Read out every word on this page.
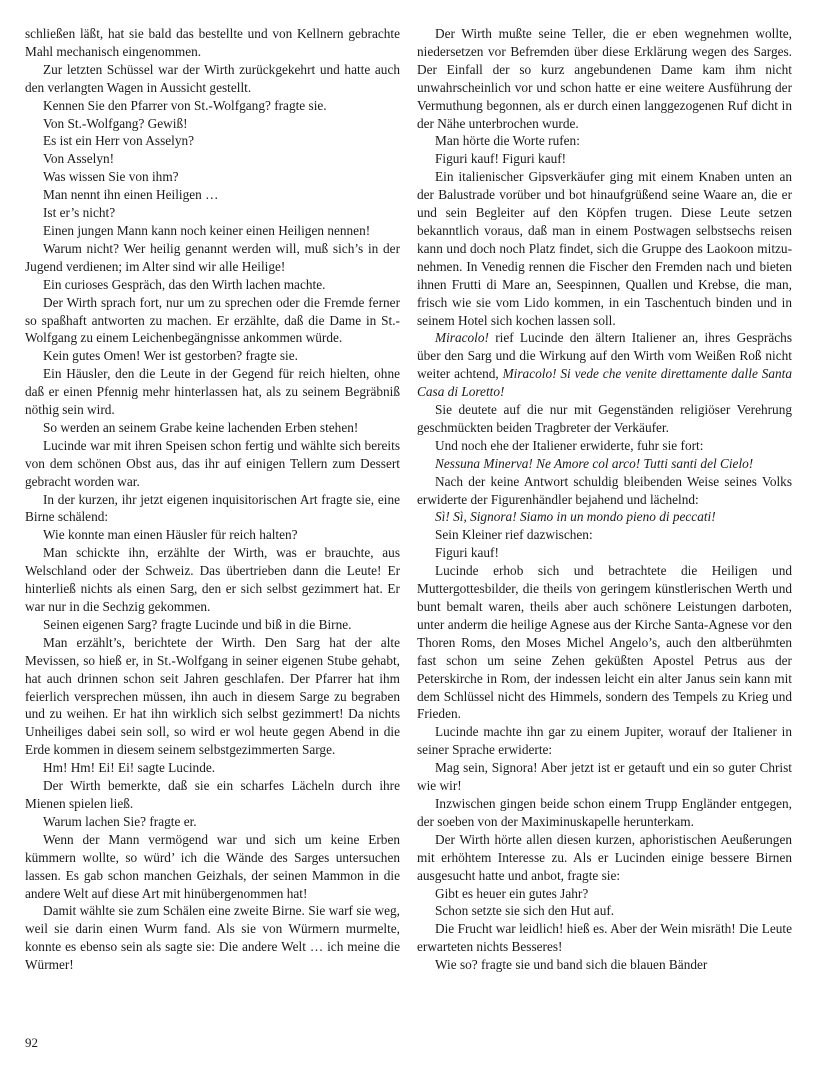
schließen läßt, hat sie bald das bestellte und von Kellnern gebrachte Mahl mechanisch eingenommen.

Zur letzten Schüssel war der Wirth zurückgekehrt und hatte auch den verlangten Wagen in Aussicht gestellt.

Kennen Sie den Pfarrer von St.-Wolfgang? fragte sie.

Von St.-Wolfgang? Gewiß!

Es ist ein Herr von Asselyn?

Von Asselyn!

Was wissen Sie von ihm?

Man nennt ihn einen Heiligen …

Ist er’s nicht?

Einen jungen Mann kann noch keiner einen Heiligen nennen!

Warum nicht? Wer heilig genannt werden will, muß sich’s in der Jugend verdienen; im Alter sind wir alle Heilige!

Ein curioses Gespräch, das den Wirth lachen machte.

Der Wirth sprach fort, nur um zu sprechen oder die Fremde ferner so spaßhaft antworten zu machen. Er erzählte, daß die Dame in St.-Wolfgang zu einem Leichenbegängnisse ankommen würde.

Kein gutes Omen! Wer ist gestorben? fragte sie.

Ein Häusler, den die Leute in der Gegend für reich hielten, ohne daß er einen Pfennig mehr hinterlassen hat, als zu seinem Begräbniß nöthig sein wird.

So werden an seinem Grabe keine lachenden Erben stehen!

Lucinde war mit ihren Speisen schon fertig und wählte sich bereits von dem schönen Obst aus, das ihr auf einigen Tellern zum Dessert gebracht worden war.

In der kurzen, ihr jetzt eigenen inquisitorischen Art fragte sie, eine Birne schälend:

Wie konnte man einen Häusler für reich halten?

Man schickte ihn, erzählte der Wirth, was er brauchte, aus Welschland oder der Schweiz. Das übertrieben dann die Leute! Er hinterließ nichts als einen Sarg, den er sich selbst gezimmert hat. Er war nur in die Sechzig gekommen.

Seinen eigenen Sarg? fragte Lucinde und biß in die Birne.

Man erzählt’s, berichtete der Wirth. Den Sarg hat der alte Mevissen, so hieß er, in St.-Wolfgang in seiner eigenen Stube gehabt, hat auch drinnen schon seit Jahren geschlafen. Der Pfarrer hat ihm feierlich versprechen müssen, ihn auch in diesem Sarge zu begraben und zu weihen. Er hat ihn wirklich sich selbst gezimmert! Da nichts Unheiliges dabei sein soll, so wird er wol heute gegen Abend in die Erde kommen in diesem seinem selbstgezimmerten Sarge.

Hm! Hm! Ei! Ei! sagte Lucinde.

Der Wirth bemerkte, daß sie ein scharfes Lächeln durch ihre Mienen spielen ließ.

Warum lachen Sie? fragte er.

Wenn der Mann vermögend war und sich um keine Erben kümmern wollte, so würd’ ich die Wände des Sarges untersuchen lassen. Es gab schon manchen Geizhals, der seinen Mammon in die andere Welt auf diese Art mit hinübergenommen hat!

Damit wählte sie zum Schälen eine zweite Birne. Sie warf sie weg, weil sie darin einen Wurm fand. Als sie von Würmern murmelte, konnte es ebenso sein als sagte sie: Die andere Welt … ich meine die Würmer!

Der Wirth mußte seine Teller, die er eben wegnehmen wollte, niedersetzen vor Befremden über diese Erklärung wegen des Sarges. Der Einfall der so kurz angebundenen Dame kam ihm nicht unwahrscheinlich vor und schon hatte er eine weitere Ausführung der Vermuthung begonnen, als er durch einen langgezogenen Ruf dicht in der Nähe unterbrochen wurde.

Man hörte die Worte rufen:

Figuri kauf! Figuri kauf!

Ein italienischer Gipsverkäufer ging mit einem Knaben unten an der Balustrade vorüber und bot hinaufgrüßend seine Waare an, die er und sein Begleiter auf den Köpfen trugen. Diese Leute setzen bekanntlich voraus, daß man in einem Postwagen selbstsechs reisen kann und doch noch Platz findet, sich die Gruppe des Laokoon mitzunehmen. In Venedig rennen die Fischer den Fremden nach und bieten ihnen Frutti di Mare an, Seespinnen, Quallen und Krebse, die man, frisch wie sie vom Lido kommen, in ein Taschentuch binden und in seinem Hotel sich kochen lassen soll.

Miracolo! rief Lucinde den ältern Italiener an, ihres Gesprächs über den Sarg und die Wirkung auf den Wirth vom Weißen Roß nicht weiter achtend, Miracolo! Si vede che venite direttamente dalle Santa Casa di Loretto!

Sie deutete auf die nur mit Gegenständen religiöser Verehrung geschmückten beiden Tragbreter der Verkäufer.

Und noch ehe der Italiener erwiderte, fuhr sie fort:

Nessuna Minerva! Ne Amore col arco! Tutti santi del Cielo!

Nach der keine Antwort schuldig bleibenden Weise seines Volks erwiderte der Figurenhändler bejahend und lächelnd:

Sì! Sì, Signora! Siamo in un mondo pieno di peccati!

Sein Kleiner rief dazwischen:

Figuri kauf!

Lucinde erhob sich und betrachtete die Heiligen und Muttergottesbilder, die theils von geringem künstlerischen Werth und bunt bemalt waren, theils aber auch schönere Leistungen darboten, unter anderm die heilige Agnese aus der Kirche Santa-Agnese vor den Thoren Roms, den Moses Michel Angelo’s, auch den altberühmten fast schon um seine Zehen geküßten Apostel Petrus aus der Peterskirche in Rom, der indessen leicht ein alter Janus sein kann mit dem Schlüssel nicht des Himmels, sondern des Tempels zu Krieg und Frieden.

Lucinde machte ihn gar zu einem Jupiter, worauf der Italiener in seiner Sprache erwiderte:

Mag sein, Signora! Aber jetzt ist er getauft und ein so guter Christ wie wir!

Inzwischen gingen beide schon einem Trupp Engländer entgegen, der soeben von der Maximinuskapelle herunterkam.

Der Wirth hörte allen diesen kurzen, aphoristischen Aeußerungen mit erhöhtem Interesse zu. Als er Lucinden einige bessere Birnen ausgesucht hatte und anbot, fragte sie:

Gibt es heuer ein gutes Jahr?

Schon setzte sie sich den Hut auf.

Die Frucht war leidlich! hieß es. Aber der Wein misräth! Die Leute erwarteten nichts Besseres!

Wie so? fragte sie und band sich die blauen Bänder

92
